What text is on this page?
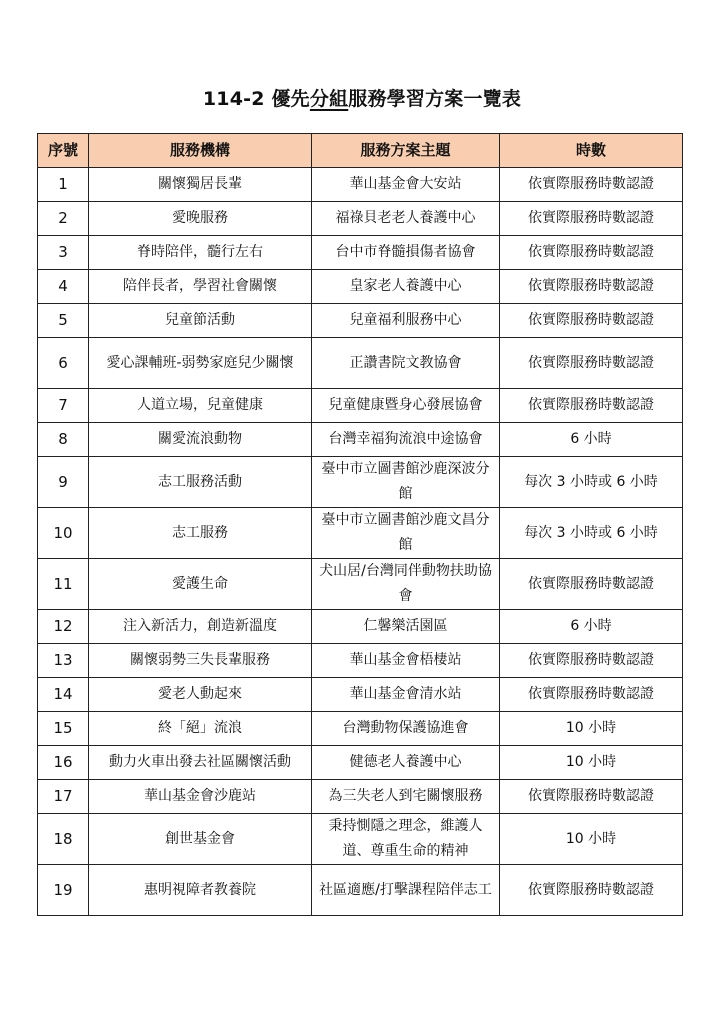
114-2 優先分組服務學習方案一覽表
序號	服務機構	服務方案主題	時數
1	關懷獨居長輩	華山基金會大安站	依實際服務時數認證
2	愛晚服務	福祿貝老老人養護中心	依實際服務時數認證
3	脊時陪伴，髓行左右	台中市脊髓損傷者協會	依實際服務時數認證
4	陪伴長者，學習社會關懷	皇家老人養護中心	依實際服務時數認證
5	兒童節活動	兒童福利服務中心	依實際服務時數認證
6	愛心課輔班-弱勢家庭兒少關懷	正讚書院文教協會	依實際服務時數認證
7	人道立場，兒童健康	兒童健康暨身心發展協會	依實際服務時數認證
8	關愛流浪動物	台灣幸福狗流浪中途協會	6 小時
9	志工服務活動	臺中市立圖書館沙鹿深波分館	每次 3 小時或 6 小時
10	志工服務	臺中市立圖書館沙鹿文昌分館	每次 3 小時或 6 小時
11	愛護生命	犬山居/台灣同伴動物扶助協會	依實際服務時數認證
12	注入新活力，創造新溫度	仁馨樂活園區	6 小時
13	關懷弱勢三失長輩服務	華山基金會梧棲站	依實際服務時數認證
14	愛老人動起來	華山基金會清水站	依實際服務時數認證
15	終「絕」流浪	台灣動物保護協進會	10 小時
16	動力火車出發去社區關懷活動	健德老人養護中心	10 小時
17	華山基金會沙鹿站	為三失老人到宅關懷服務	依實際服務時數認證
18	創世基金會	秉持惻隱之理念，維護人道、尊重生命的精神	10 小時
19	惠明視障者教養院	社區適應/打擊課程陪伴志工	依實際服務時數認證
